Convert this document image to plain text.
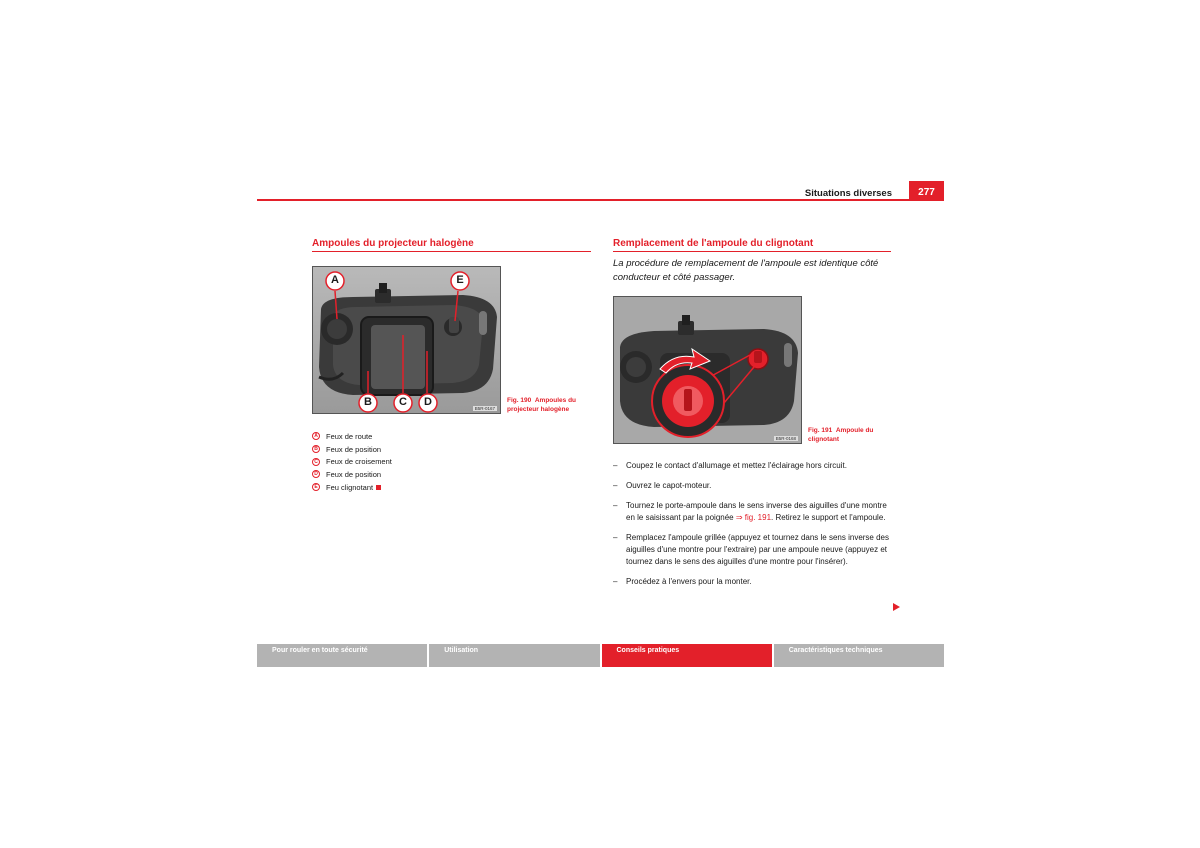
Situations diverses	277
Ampoules du projecteur halogène
A	E
B C D
B5R-0167
Fig. 190 Ampoules du projecteur halogène
A Feux de route
B Feux de position
C Feux de croisement
D Feux de position
E	Feu clignotant
Remplacement de l'ampoule du clignotant
La procédure de remplacement de l'ampoule est identique côté conducteur et côté passager.
B5R-0168
Fig. 191 Ampoule du clignotant
–	Coupez le contact d'allumage et mettez l'éclairage hors circuit.
–	Ouvrez le capot-moteur.
–	Tournez le porte-ampoule dans le sens inverse des aiguilles d'une montre en le saisissant par la poignée ⇒ fig. 191. Retirez le support et l'ampoule.
–	Remplacez l'ampoule grillée (appuyez et tournez dans le sens inverse des aiguilles d'une montre pour l'extraire) par une ampoule neuve (appuyez et tournez dans le sens des aiguilles d'une montre pour l'insérer).
–	Procédez à l'envers pour la monter.
Pour rouler en toute sécurité	Utilisation	Conseils pratiques	Caractéristiques techniques
